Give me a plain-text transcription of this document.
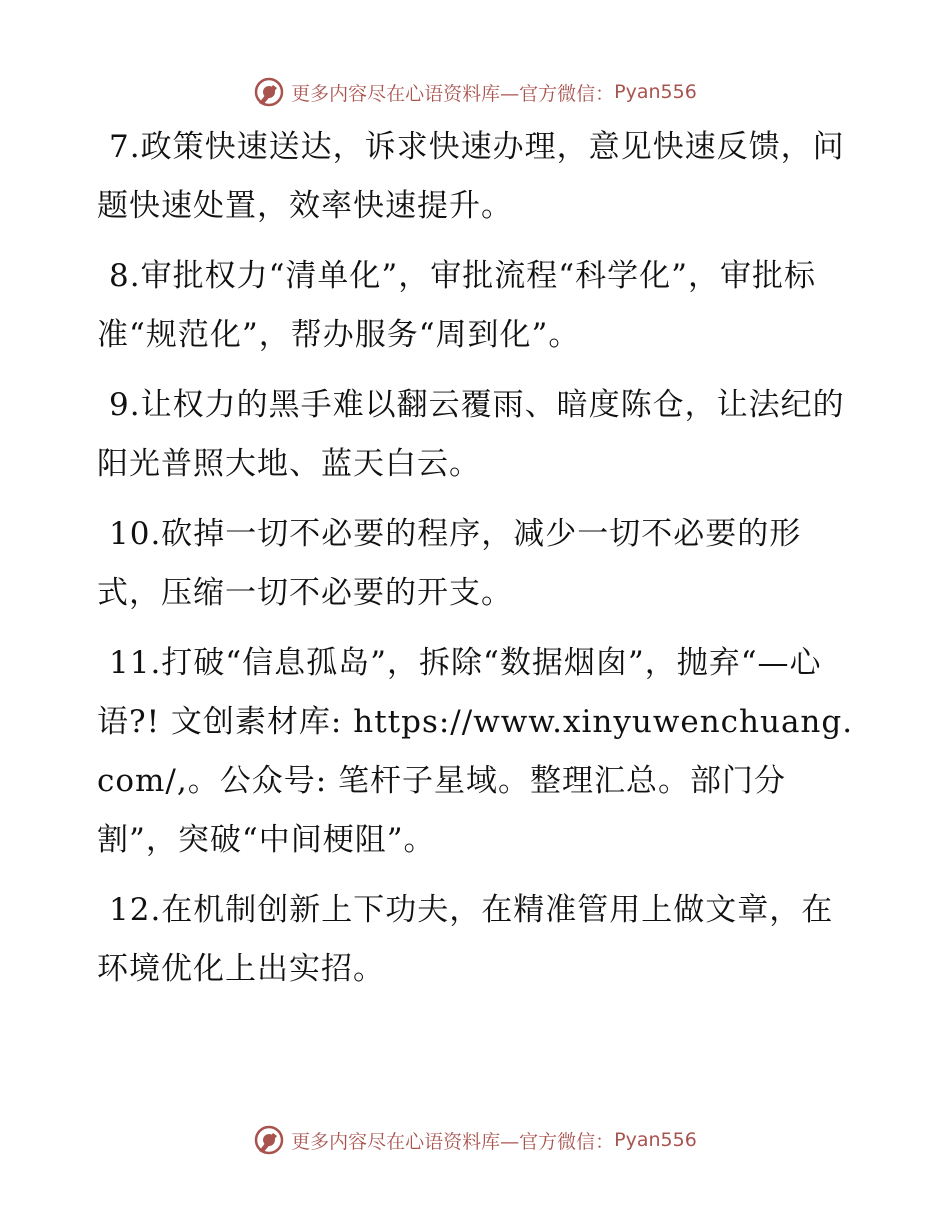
更多内容尽在心语资料库—官方微信： Pyan556

7.政策快速送达，诉求快速办理，意见快速反馈，问题快速处置，效率快速提升。

8.审批权力“清单化”，审批流程“科学化”，审批标准“规范化”，帮办服务“周到化”。

9.让权力的黑手难以翻云覆雨、暗度陈仓，让法纪的阳光普照大地、蓝天白云。

10.砍掉一切不必要的程序，减少一切不必要的形式，压缩一切不必要的开支。

11.打破“信息孤岛”，拆除“数据烟囱”，抛弃“—心语?! 文创素材库: https://www.xinyuwenchuang.com/,。公众号: 笔杆子星域。整理汇总。部门分割”，突破“中间梗阻”。

12.在机制创新上下功夫，在精准管用上做文章，在环境优化上出实招。

更多内容尽在心语资料库—官方微信： Pyan556
